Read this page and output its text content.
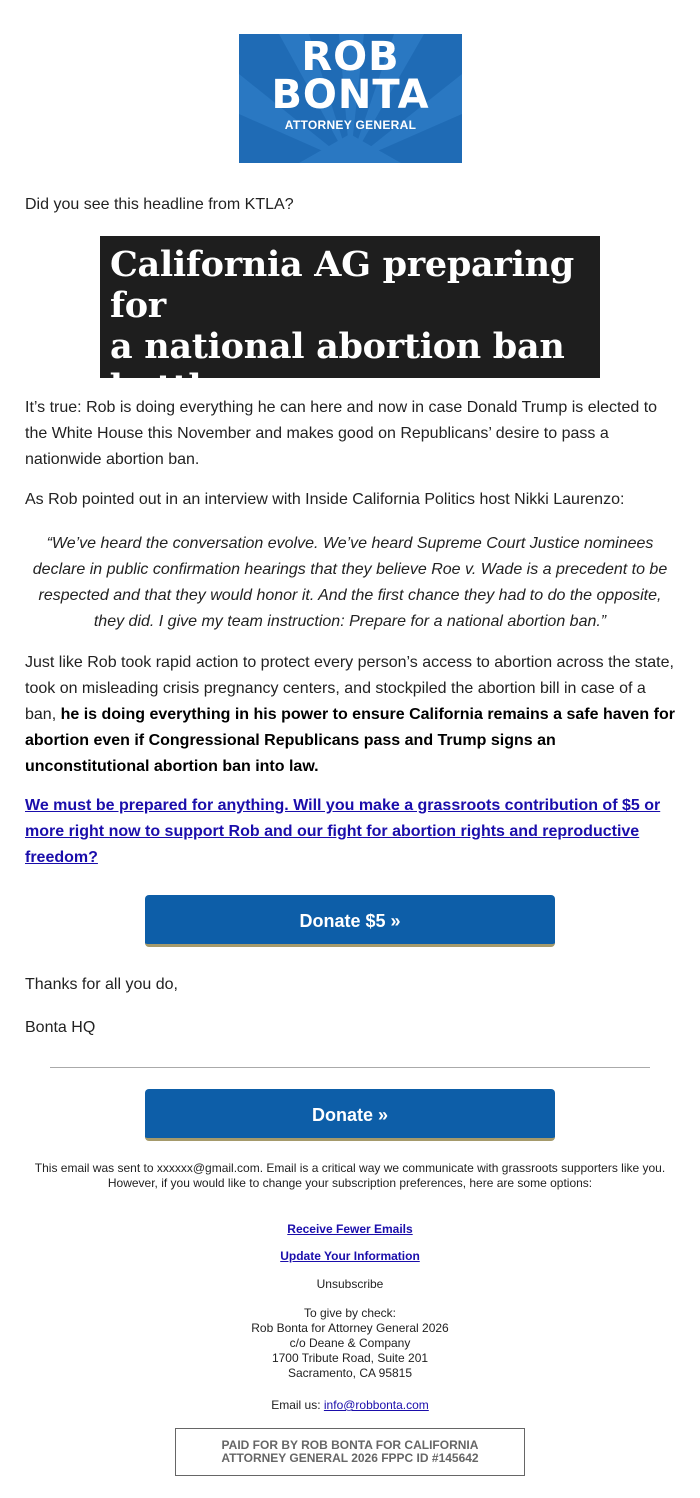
ROB
BONTA
ATTORNEY GENERAL

Did you see this headline from KTLA?

California AG preparing for
a national abortion ban
battle

It’s true: Rob is doing everything he can here and now in case Donald Trump is elected to the White House this November and makes good on Republicans’ desire to pass a nationwide abortion ban.

As Rob pointed out in an interview with Inside California Politics host Nikki Laurenzo:

“We’ve heard the conversation evolve. We’ve heard Supreme Court Justice nominees declare in public confirmation hearings that they believe Roe v. Wade is a precedent to be respected and that they would honor it. And the first chance they had to do the opposite, they did. I give my team instruction: Prepare for a national abortion ban.”

Just like Rob took rapid action to protect every person’s access to abortion across the state, took on misleading crisis pregnancy centers, and stockpiled the abortion bill in case of a ban, he is doing everything in his power to ensure California remains a safe haven for abortion even if Congressional Republicans pass and Trump signs an unconstitutional abortion ban into law.

We must be prepared for anything. Will you make a grassroots contribution of $5 or more right now to support Rob and our fight for abortion rights and reproductive freedom?
Donate $5 »

Thanks for all you do,

Bonta HQ

Donate »
This email was sent to xxxxxx@gmail.com. Email is a critical way we communicate with grassroots supporters like you. However, if you would like to change your subscription preferences, here are some options:
Receive Fewer Emails
Update Your Information
Unsubscribe
To give by check:
Rob Bonta for Attorney General 2026
c/o Deane & Company
1700 Tribute Road, Suite 201
Sacramento, CA 95815
Email us: info@robbonta.com
PAID FOR BY ROB BONTA FOR CALIFORNIA
ATTORNEY GENERAL 2026 FPPC ID #145642
